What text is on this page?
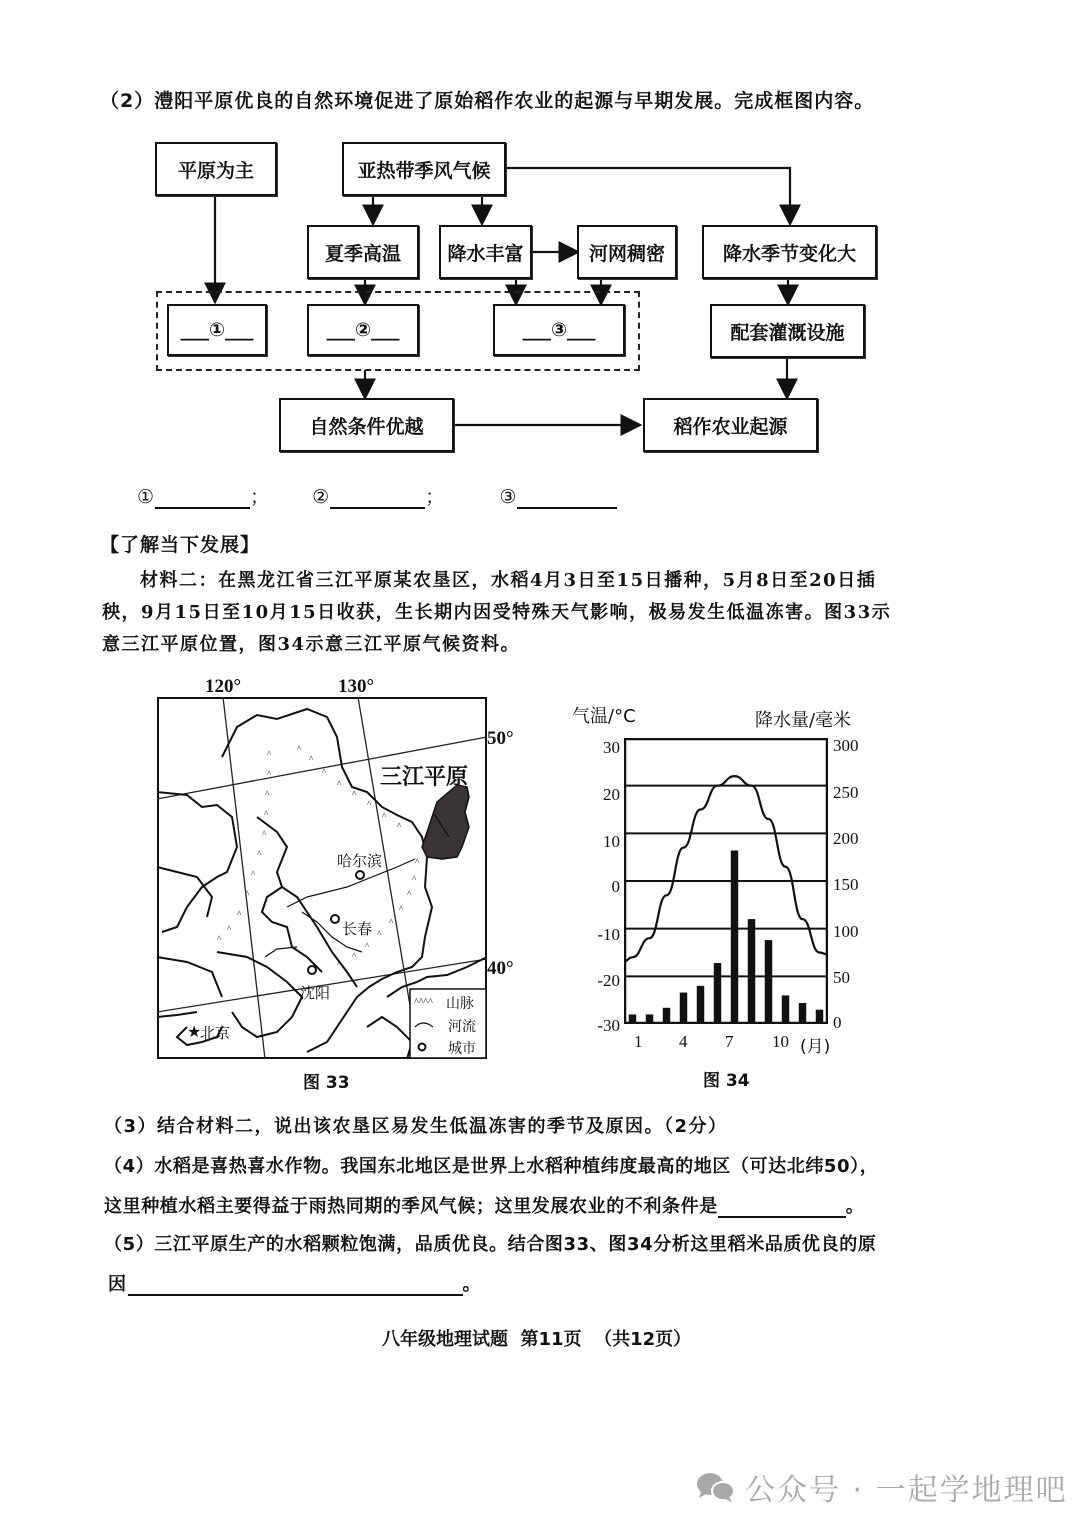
（2）澧阳平原优良的自然环境促进了原始稻作农业的起源与早期发展。完成框图内容。
平原为主	亚热带季风气候
夏季高温	降水丰富	河网稠密	降水季节变化大
___①___	___②___	___③___	配套灌溉设施
自然条件优越	稻作农业起源
①	； ②	；	③
【了解当下发展】
材料二：在黑龙江省三江平原某农垦区，水稻4月3日至15日播种，5月8日至20日插
秧，9月15日至10月15日收获，生长期内因受特殊天气影响，极易发生低温冻害。图33示
意三江平原位置，图34示意三江平原气候资料。
120°	130°
50°
40°
^
^
^
^
^
^
^
^
^
^
^
^
^
^
^
^
^
^
^
^
^
^
^
^
^
^
^
^
★
^^^^
三江平原
哈尔滨
长春
沈阳
北京
山脉
河流
城市
图 33
气温/°C	降水量/毫米
30
20
10
0
-10
-20
-30
300
250
200
150
100
50
0
1 4 7 10 (月)
图 34
（3）结合材料二，说出该农垦区易发生低温冻害的季节及原因。（2分）
（4）水稻是喜热喜水作物。我国东北地区是世界上水稻种植纬度最高的地区（可达北纬50），
这里种植水稻主要得益于雨热同期的季风气候；这里发展农业的不利条件是	。
（5）三江平原生产的水稻颗粒饱满，品质优良。结合图33、图34分析这里稻米品质优良的原
因	。
八年级地理试题  第11页  （共12页）
公众号 · 一起学地理吧
